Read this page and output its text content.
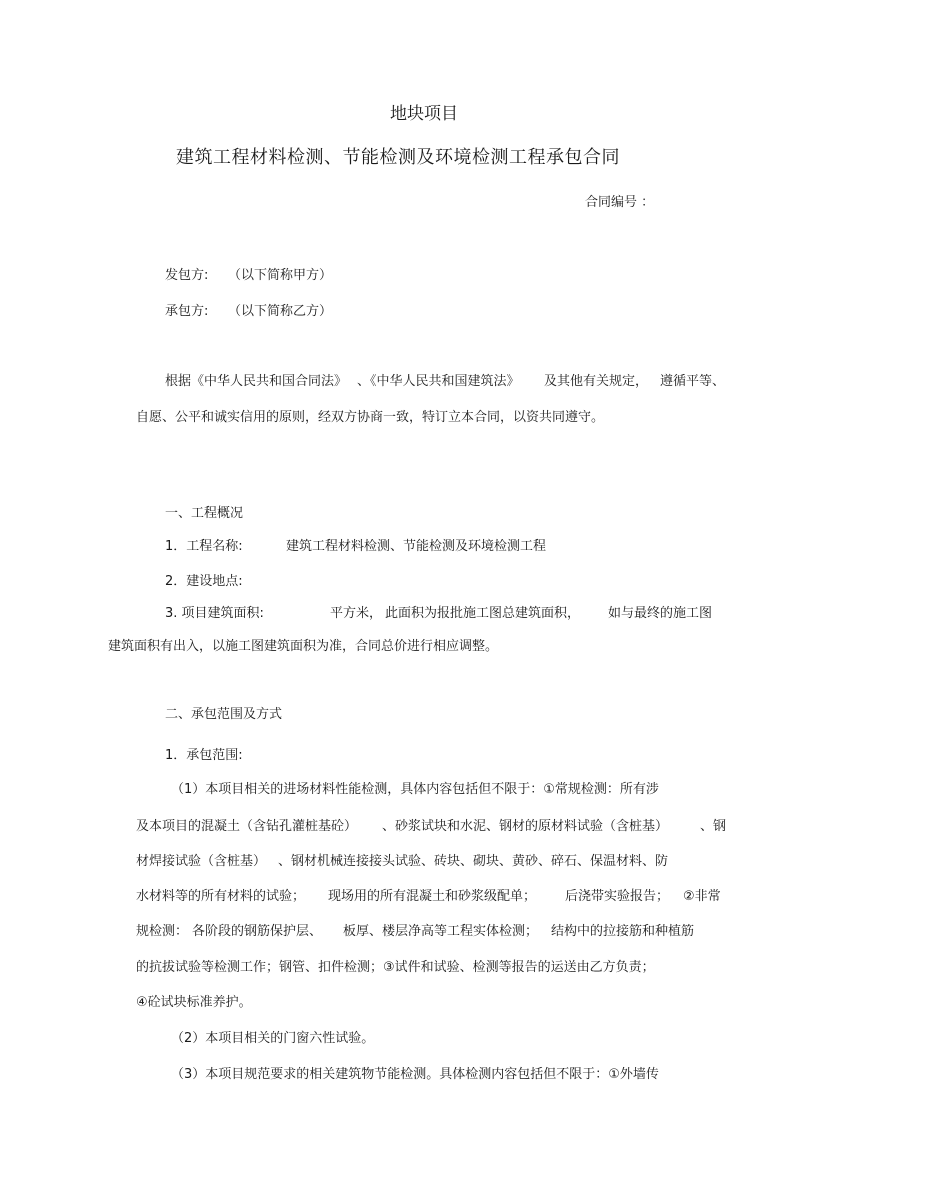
地块项目
建筑工程材料检测、节能检测及环境检测工程承包合同
合同编号 ：
发包方: （以下简称甲方）
承包方: （以下简称乙方）
根据《中华人民共和国合同法》 、《中华人民共和国建筑法》 及其他有关规定， 遵循平等、
自愿、公平和诚实信用的原则，经双方协商一致，特订立本合同，以资共同遵守。
一、工程概况
1．工程名称:	建筑工程材料检测、节能检测及环境检测工程
2．建设地点:
3. 项目建筑面积:	平方米， 此面积为报批施工图总建筑面积， 如与最终的施工图
建筑面积有出入，以施工图建筑面积为准，合同总价进行相应调整。
二、承包范围及方式
1．承包范围:
（1）本项目相关的进场材料性能检测，具体内容包括但不限于：①常规检测：所有涉
及本项目的混凝土（含钻孔灌桩基砼） 、砂浆试块和水泥、钢材的原材料试验（含桩基） 、钢
材焊接试验（含桩基） 、钢材机械连接接头试验、砖块、砌块、黄砂、碎石、保温材料、防
水材料等的所有材料的试验； 现场用的所有混凝土和砂浆级配单； 后浇带实验报告； ②非常
规检测： 各阶段的钢筋保护层、 板厚、楼层净高等工程实体检测； 结构中的拉接筋和种植筋
的抗拔试验等检测工作；钢管、扣件检测；③试件和试验、检测等报告的运送由乙方负责；
④砼试块标准养护。
（2）本项目相关的门窗六性试验。
（3）本项目规范要求的相关建筑物节能检测。具体检测内容包括但不限于：①外墙传
